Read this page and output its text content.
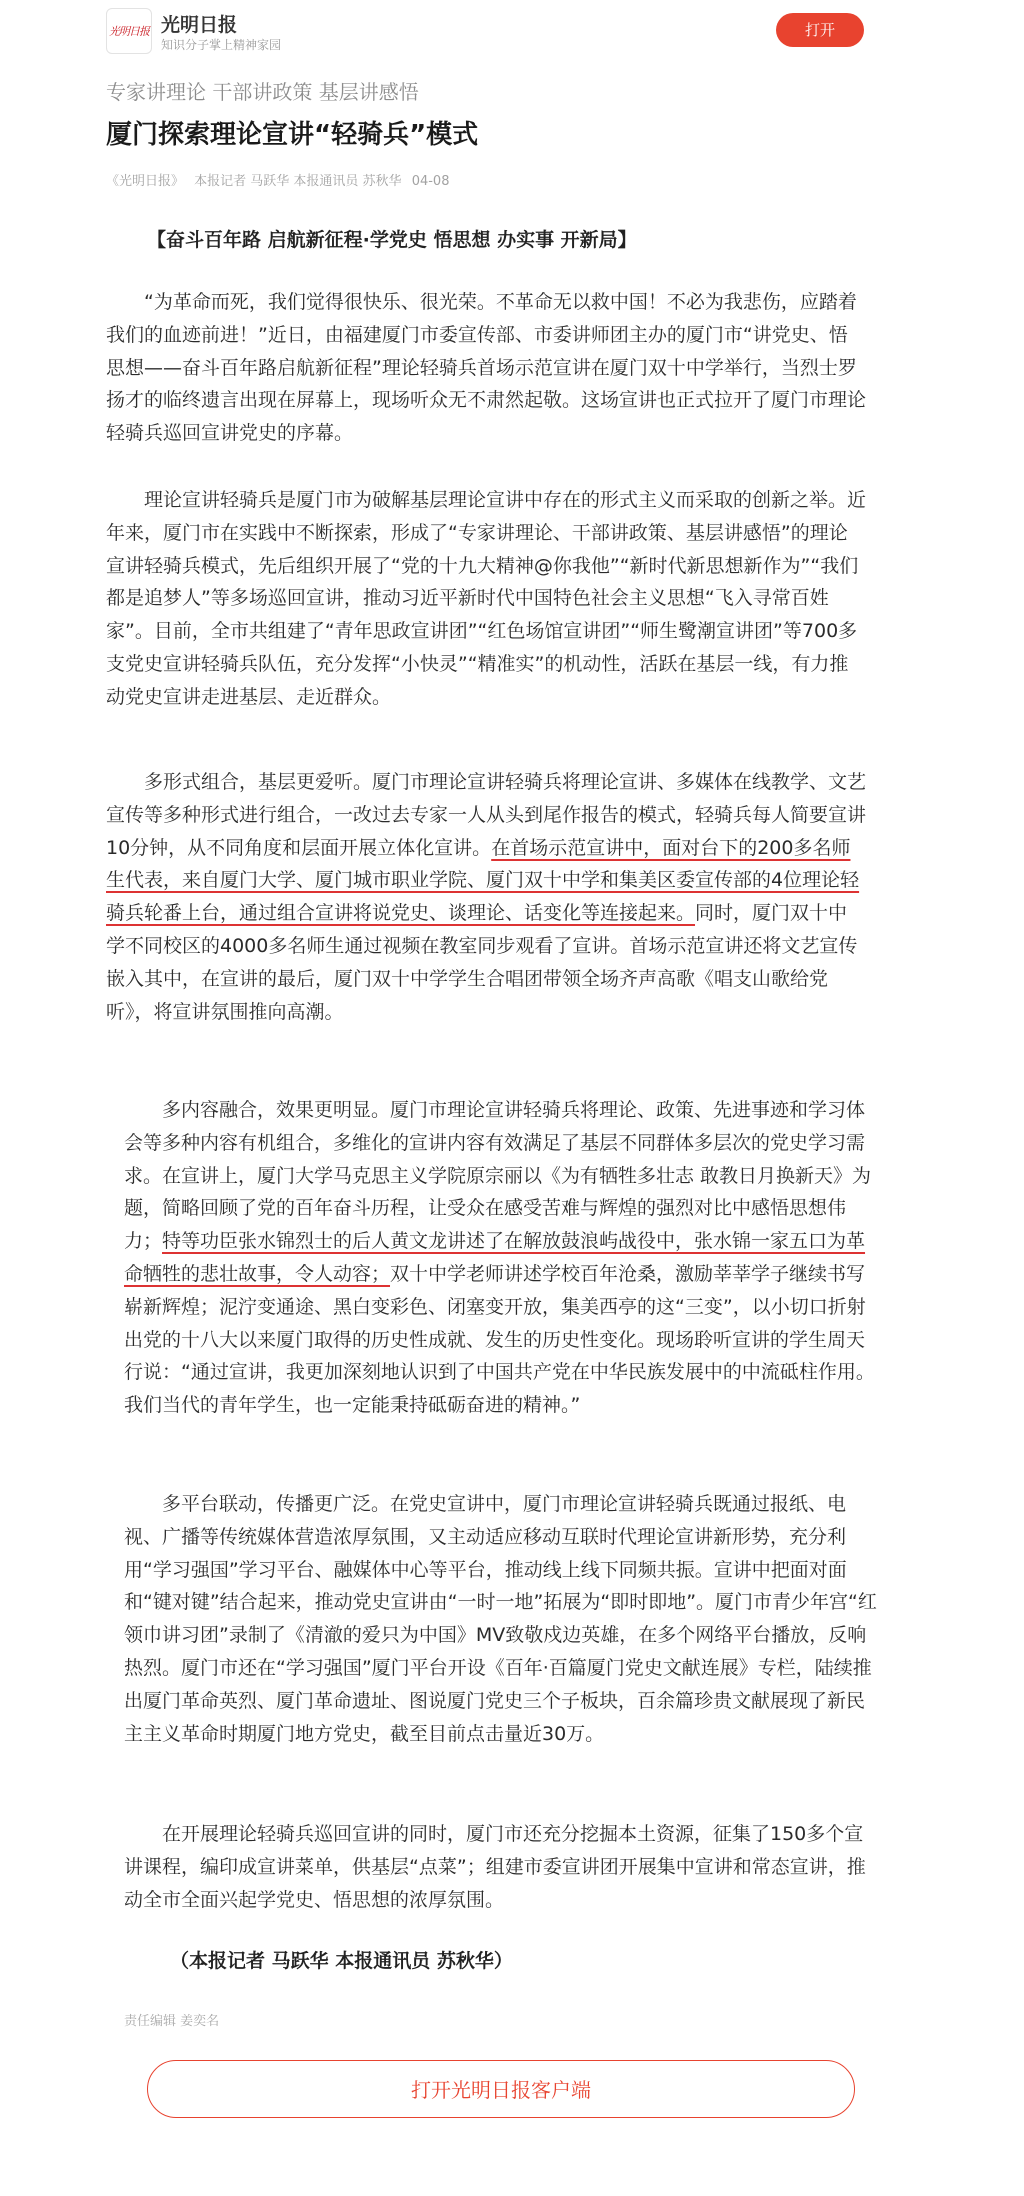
光明日报 光明日报
知识分子掌上精神家园
打开
专家讲理论 干部讲政策 基层讲感悟
厦门探索理论宣讲“轻骑兵”模式
《光明日报》 本报记者 马跃华 本报通讯员 苏秋华 04-08
【奋斗百年路 启航新征程·学党史 悟思想 办实事 开新局】

“为革命而死，我们觉得很快乐、很光荣。不革命无以救中国！不必为我悲伤，应踏着我们的血迹前进！”近日，由福建厦门市委宣传部、市委讲师团主办的厦门市“讲党史、悟思想——奋斗百年路启航新征程”理论轻骑兵首场示范宣讲在厦门双十中学举行，当烈士罗扬才的临终遗言出现在屏幕上，现场听众无不肃然起敬。这场宣讲也正式拉开了厦门市理论轻骑兵巡回宣讲党史的序幕。

理论宣讲轻骑兵是厦门市为破解基层理论宣讲中存在的形式主义而采取的创新之举。近年来，厦门市在实践中不断探索，形成了“专家讲理论、干部讲政策、基层讲感悟”的理论宣讲轻骑兵模式，先后组织开展了“党的十九大精神@你我他”“新时代新思想新作为”“我们都是追梦人”等多场巡回宣讲，推动习近平新时代中国特色社会主义思想“飞入寻常百姓家”。目前，全市共组建了“青年思政宣讲团”“红色场馆宣讲团”“师生鹭潮宣讲团”等700多支党史宣讲轻骑兵队伍，充分发挥“小快灵”“精准实”的机动性，活跃在基层一线，有力推动党史宣讲走进基层、走近群众。

多形式组合，基层更爱听。厦门市理论宣讲轻骑兵将理论宣讲、多媒体在线教学、文艺宣传等多种形式进行组合，一改过去专家一人从头到尾作报告的模式，轻骑兵每人简要宣讲10分钟，从不同角度和层面开展立体化宣讲。在首场示范宣讲中，面对台下的200多名师生代表，来自厦门大学、厦门城市职业学院、厦门双十中学和集美区委宣传部的4位理论轻骑兵轮番上台，通过组合宣讲将说党史、谈理论、话变化等连接起来。同时，厦门双十中学不同校区的4000多名师生通过视频在教室同步观看了宣讲。首场示范宣讲还将文艺宣传嵌入其中，在宣讲的最后，厦门双十中学学生合唱团带领全场齐声高歌《唱支山歌给党听》，将宣讲氛围推向高潮。

多内容融合，效果更明显。厦门市理论宣讲轻骑兵将理论、政策、先进事迹和学习体会等多种内容有机组合，多维化的宣讲内容有效满足了基层不同群体多层次的党史学习需求。在宣讲上，厦门大学马克思主义学院原宗丽以《为有牺牲多壮志 敢教日月换新天》为题，简略回顾了党的百年奋斗历程，让受众在感受苦难与辉煌的强烈对比中感悟思想伟力；特等功臣张水锦烈士的后人黄文龙讲述了在解放鼓浪屿战役中，张水锦一家五口为革命牺牲的悲壮故事，令人动容；双十中学老师讲述学校百年沧桑，激励莘莘学子继续书写崭新辉煌；泥泞变通途、黑白变彩色、闭塞变开放，集美西亭的这“三变”，以小切口折射出党的十八大以来厦门取得的历史性成就、发生的历史性变化。现场聆听宣讲的学生周天行说：“通过宣讲，我更加深刻地认识到了中国共产党在中华民族发展中的中流砥柱作用。我们当代的青年学生，也一定能秉持砥砺奋进的精神。”

多平台联动，传播更广泛。在党史宣讲中，厦门市理论宣讲轻骑兵既通过报纸、电视、广播等传统媒体营造浓厚氛围，又主动适应移动互联时代理论宣讲新形势，充分利用“学习强国”学习平台、融媒体中心等平台，推动线上线下同频共振。宣讲中把面对面和“键对键”结合起来，推动党史宣讲由“一时一地”拓展为“即时即地”。厦门市青少年宫“红领巾讲习团”录制了《清澈的爱只为中国》MV致敬戍边英雄，在多个网络平台播放，反响热烈。厦门市还在“学习强国”厦门平台开设《百年·百篇厦门党史文献连展》专栏，陆续推出厦门革命英烈、厦门革命遗址、图说厦门党史三个子板块，百余篇珍贵文献展现了新民主主义革命时期厦门地方党史，截至目前点击量近30万。

在开展理论轻骑兵巡回宣讲的同时，厦门市还充分挖掘本土资源，征集了150多个宣讲课程，编印成宣讲菜单，供基层“点菜”；组建市委宣讲团开展集中宣讲和常态宣讲，推动全市全面兴起学党史、悟思想的浓厚氛围。

（本报记者 马跃华 本报通讯员 苏秋华）
责任编辑 姜奕名
打开光明日报客户端
